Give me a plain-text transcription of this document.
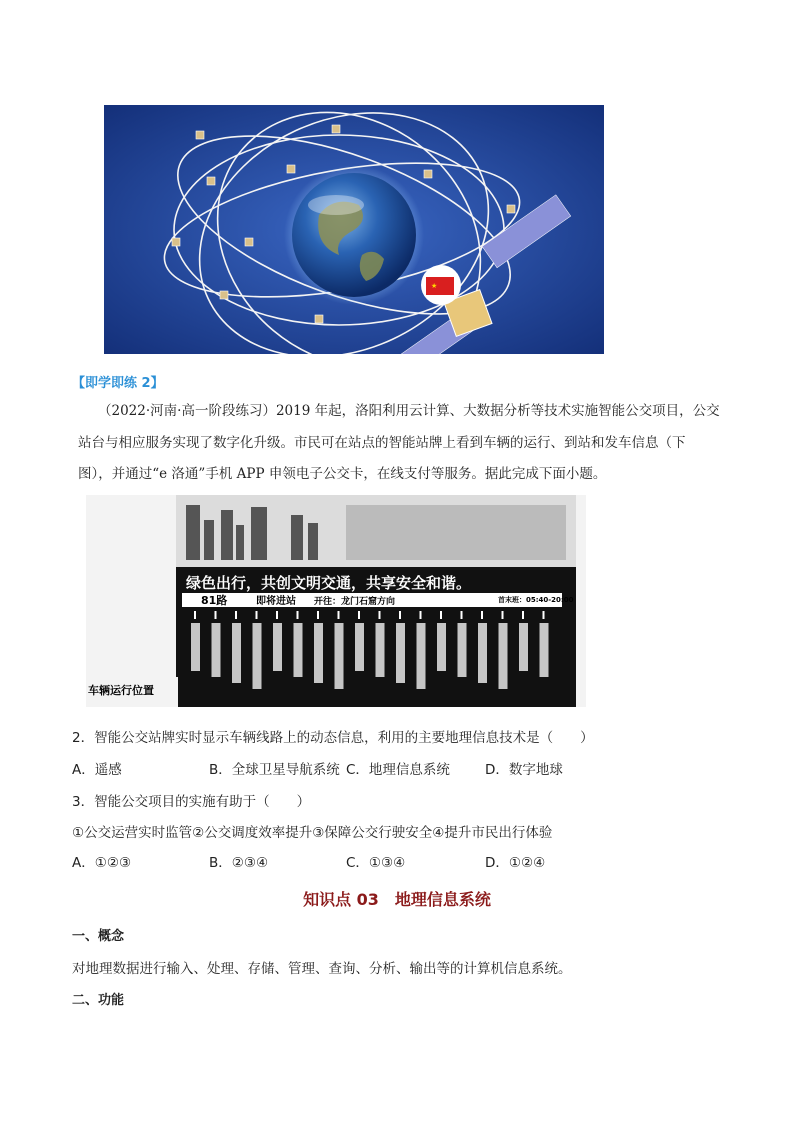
★
【即学即练 2】
（2022·河南·高一阶段练习）2019 年起，洛阳利用云计算、大数据分析等技术实施智能公交项目，公交
站台与相应服务实现了数字化升级。市民可在站点的智能站牌上看到车辆的运行、到站和发车信息（下
图），并通过“e 洛通”手机 APP 申领电子公交卡，在线支付等服务。据此完成下面小题。
绿色出行，共创文明交通，共享安全和谐。
81路	即将进站 开往：龙门石窟方向	首末班：05:40-20:00
车辆运行位置
2．智能公交站牌实时显示车辆线路上的动态信息，利用的主要地理信息技术是（　　）
A．遥感	B．全球卫星导航系统 C．地理信息系统	D．数字地球
3．智能公交项目的实施有助于（　　）
①公交运营实时监管②公交调度效率提升③保障公交行驶安全④提升市民出行体验
A．①②③	B．②③④	C．①③④	D．①②④
知识点 03　地理信息系统
一、概念
对地理数据进行输入、处理、存储、管理、查询、分析、输出等的计算机信息系统。
二、功能
